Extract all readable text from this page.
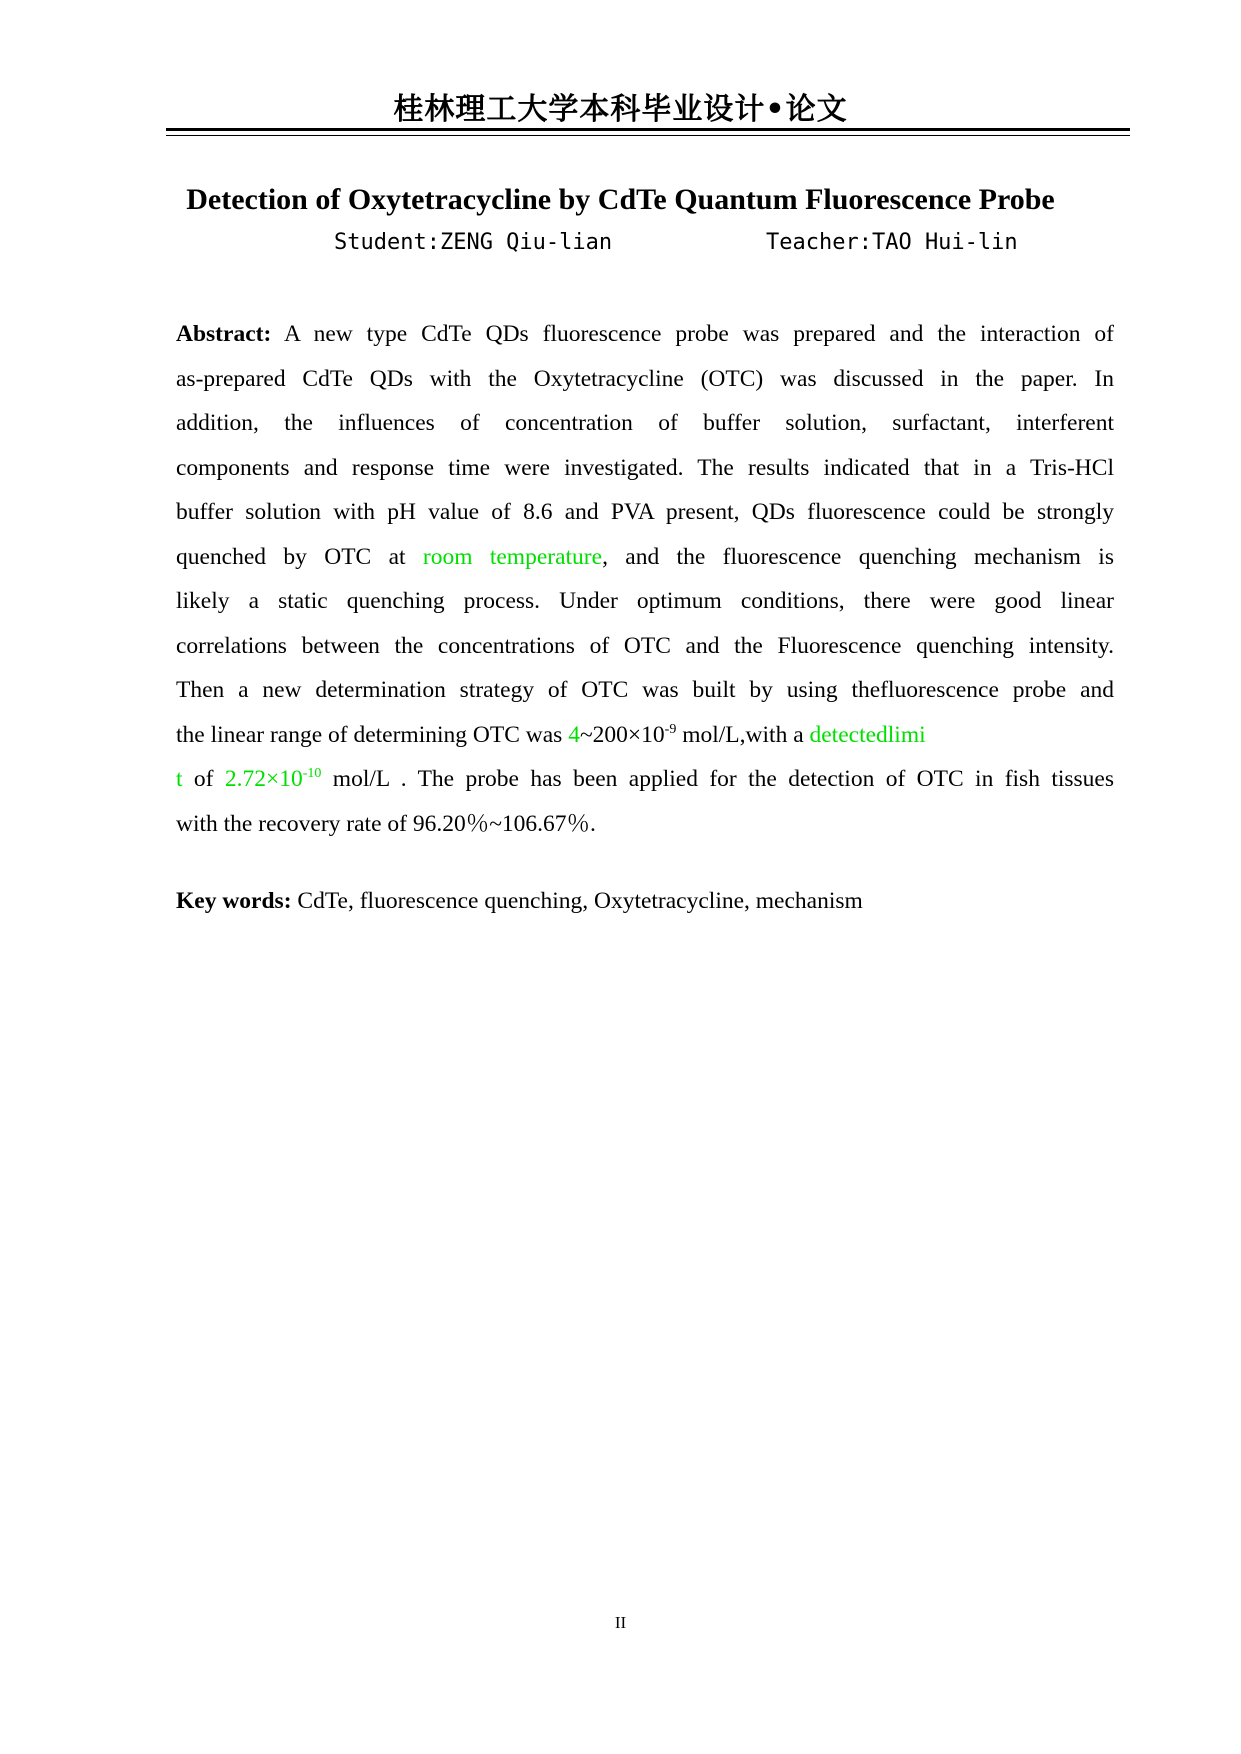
桂林理工大学本科毕业设计•论文
Detection of Oxytetracycline by CdTe Quantum Fluorescence Probe
Student:ZENG Qiu-lian	Teacher:TAO Hui-lin
Abstract: A new type CdTe QDs fluorescence probe was prepared and the interaction of
as-prepared CdTe QDs with the Oxytetracycline (OTC) was discussed in the paper. In
addition, the influences of concentration of buffer solution, surfactant, interferent
components and response time were investigated. The results indicated that in a Tris-HCl
buffer solution with pH value of 8.6 and PVA present, QDs fluorescence could be strongly
quenched by OTC at room temperature, and the fluorescence quenching mechanism is
likely a static quenching process. Under optimum conditions, there were good linear
correlations between the concentrations of OTC and the Fluorescence quenching intensity.
Then a new determination strategy of OTC was built by using thefluorescence probe and
the linear range of determining OTC was $4\sim 200\times 10^{-9}$ mol/L,with a detectedlimi
t of $2.72\times 10^{-10}$ mol/L . The probe has been applied for the detection of OTC in fish tissues
with the recovery rate of 96.20％~106.67％.
Key words: CdTe, fluorescence quenching, Oxytetracycline, mechanism
II
